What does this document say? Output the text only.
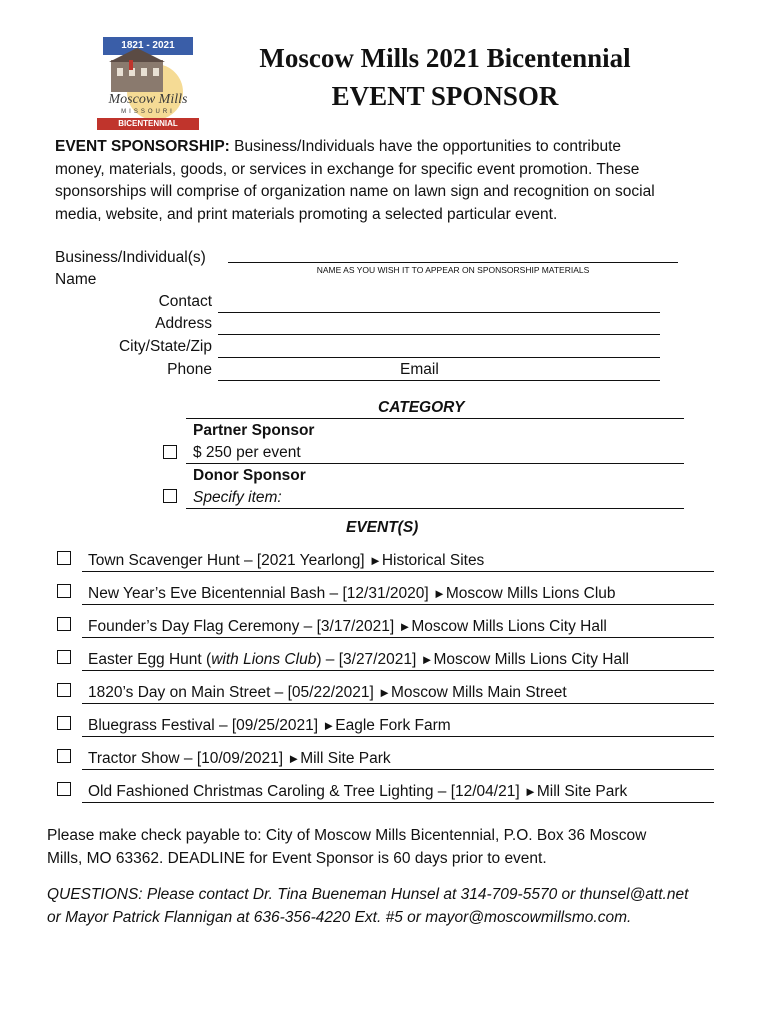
1821 - 2021
Moscow Mills
MISSOURI
BICENTENNIAL
Moscow Mills 2021 Bicentennial
EVENT SPONSOR
EVENT SPONSORSHIP: Business/Individuals have the opportunities to contribute
money, materials, goods, or services in exchange for specific event promotion. These
sponsorships will comprise of organization name on lawn sign and recognition on social
media, website, and print materials promoting a selected particular event.
Business/Individual(s)
Name
NAME AS YOU WISH IT TO APPEAR ON SPONSORSHIP MATERIALS
Contact
Address
City/State/Zip
Phone	Email
CATEGORY
Partner Sponsor
$ 250 per event
Donor Sponsor
Specify item:
EVENT(S)
Town Scavenger Hunt – [2021 Yearlong] ►Historical Sites
New Year’s Eve Bicentennial Bash – [12/31/2020] ►Moscow Mills Lions Club
Founder’s Day Flag Ceremony – [3/17/2021] ►Moscow Mills Lions City Hall
Easter Egg Hunt (with Lions Club) – [3/27/2021] ►Moscow Mills Lions City Hall
1820’s Day on Main Street – [05/22/2021] ►Moscow Mills Main Street
Bluegrass Festival – [09/25/2021] ►Eagle Fork Farm
Tractor Show – [10/09/2021] ►Mill Site Park
Old Fashioned Christmas Caroling & Tree Lighting – [12/04/21] ►Mill Site Park
Please make check payable to: City of Moscow Mills Bicentennial, P.O. Box 36 Moscow
Mills, MO 63362. DEADLINE for Event Sponsor is 60 days prior to event.
QUESTIONS: Please contact Dr. Tina Bueneman Hunsel at 314-709-5570 or thunsel@att.net
or Mayor Patrick Flannigan at 636-356-4220 Ext. #5 or mayor@moscowmillsmo.com.
